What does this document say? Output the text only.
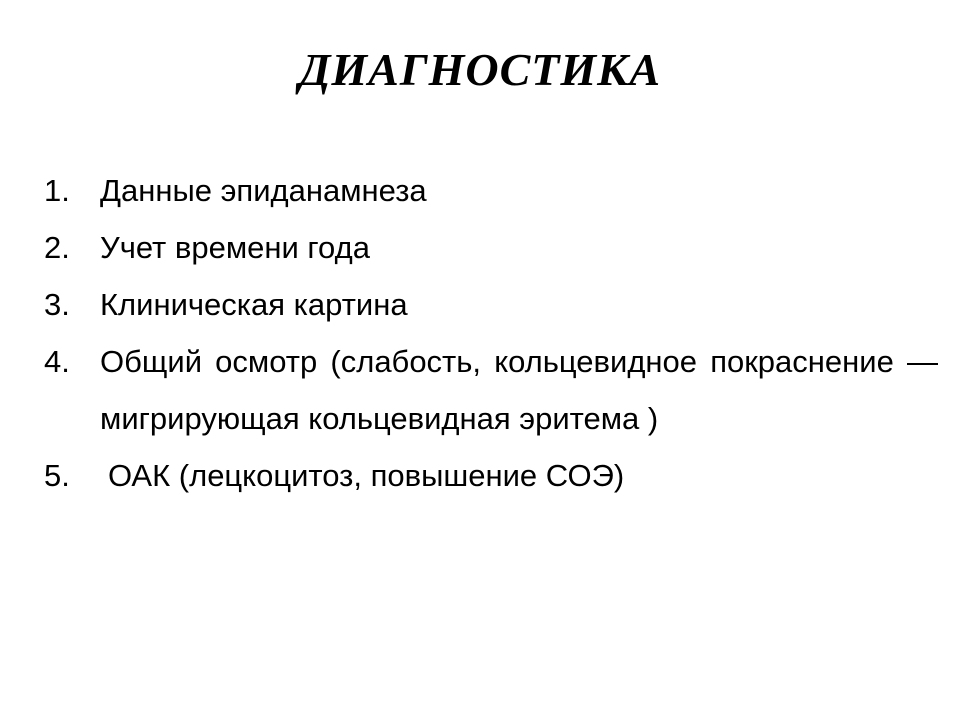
ДИАГНОСТИКА
1. Данные эпиданамнеза
2. Учет времени года
3. Клиническая картина
4. Общий осмотр (слабость, кольцевидное покраснение — мигрирующая кольцевидная эритема )
5.	ОАК (лецкоцитоз, повышение СОЭ)
